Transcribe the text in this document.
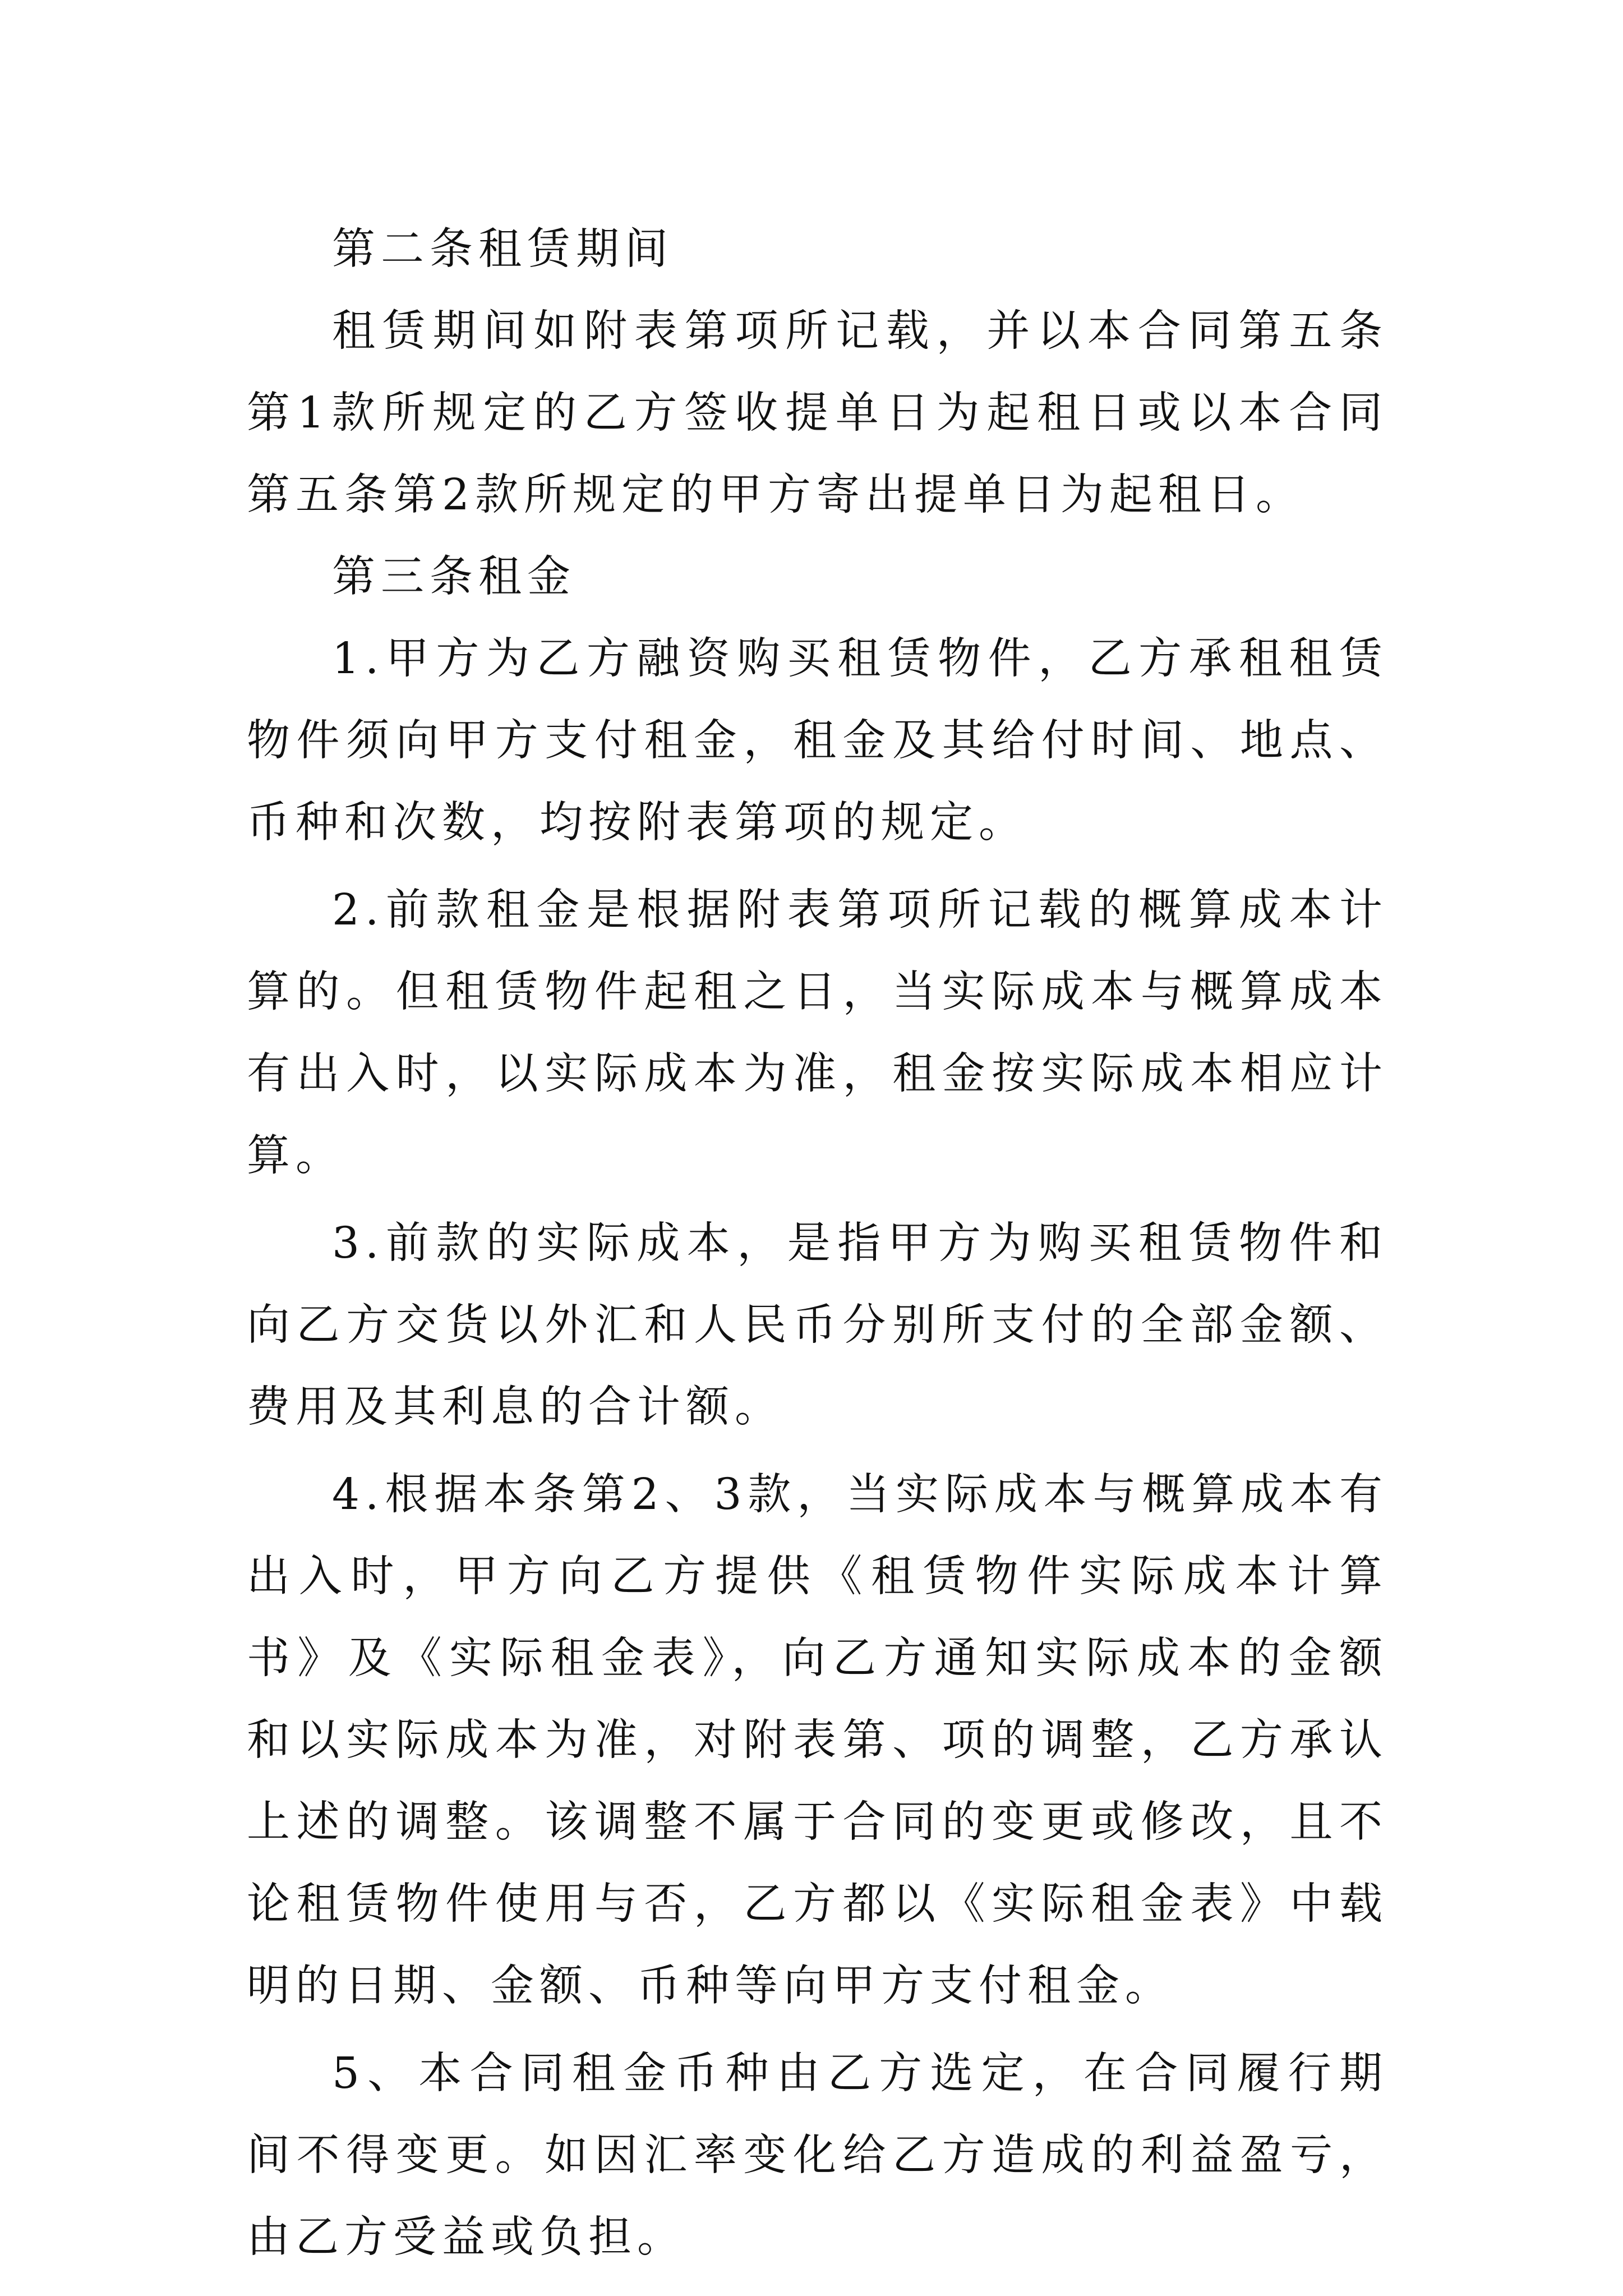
第二条租赁期间

租赁期间如附表第项所记载，并以本合同第五条第1款所规定的乙方签收提单日为起租日或以本合同第五条第2款所规定的甲方寄出提单日为起租日。

第三条租金

1.甲方为乙方融资购买租赁物件，乙方承租租赁物件须向甲方支付租金，租金及其给付时间、地点、币种和次数，均按附表第项的规定。

2.前款租金是根据附表第项所记载的概算成本计算的。但租赁物件起租之日，当实际成本与概算成本有出入时，以实际成本为准，租金按实际成本相应计算。

3.前款的实际成本，是指甲方为购买租赁物件和向乙方交货以外汇和人民币分别所支付的全部金额、费用及其利息的合计额。

4.根据本条第2、3款，当实际成本与概算成本有出入时，甲方向乙方提供《租赁物件实际成本计算书》及《实际租金表》，向乙方通知实际成本的金额和以实际成本为准，对附表第、项的调整，乙方承认上述的调整。该调整不属于合同的变更或修改，且不论租赁物件使用与否，乙方都以《实际租金表》中载明的日期、金额、币种等向甲方支付租金。

5、本合同租金币种由乙方选定，在合同履行期间不得变更。如因汇率变化给乙方造成的利益盈亏，由乙方受益或负担。
